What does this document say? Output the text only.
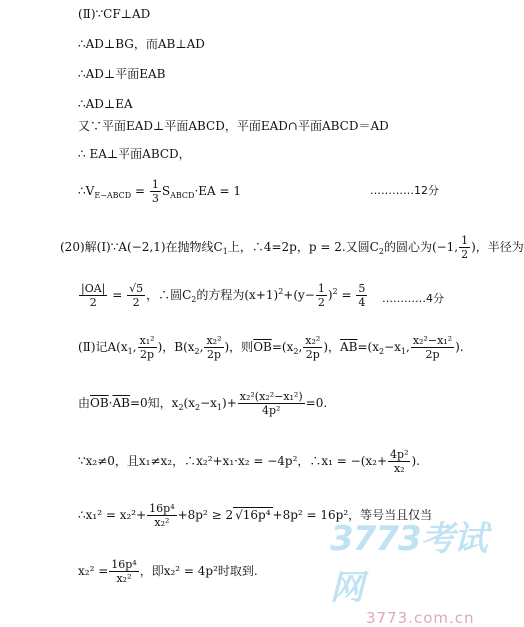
(Ⅱ)∵CF⊥AD
∴AD⊥BG，而AB⊥AD
∴AD⊥平面EAB
∴AD⊥EA
又∵平面EAD⊥平面ABCD，平面EAD∩平面ABCD＝AD
∴ EA⊥平面ABCD，
$\therefore V_{E-ABCD} = \frac{1}{3} S_{ABCD}\cdot EA = 1$	…………12分
(20)解(Ⅰ)∵A(−2,1)在抛物线$C_1$上，∴4=2p，p = 2.又圆$C_2$的圆心为(−1, $\frac{1}{2}$ )，半径为
$\frac{|OA|}{2} = \frac{√5}{2}$ ，∴圆$C_2$的方程为$(x+1)^2+(y- \frac{1}{2} )^2 = \frac{5}{4}$ …………4分
(Ⅱ)记$A(x_1$, $\frac{\text{x₁²}}{2p}$ )，$B(x_2$, $\frac{\text{x₂²}}{2p}$ )，则$\overline{OB}=(x_2$, $\frac{\text{x₂²}}{2p}$ )，$\overline{AB}=(x_2-x_1$, $\frac{\text{x₂²−x₁²}}{2p}$ ).
由$\overline{OB}\cdot\overline{AB}=0$知，$x_2(x_2-x_1)+ \frac{\text{x₂²(x₂²−x₁²)}}{\text{4p²}} =0$.
∵x₂≠0，且x₁≠x₂，∴x₂²+x₁·x₂ = −4p²，∴x₁ = $-(x_2+ \frac{\text{4p²}}{\text{x₂}}$ ).
∴x₁² = $x_2^2+ \frac{\text{16p⁴}}{\text{x₂²}} +8p^2 \ge 2$ √16p⁴ +8p² = 16p²，等号当且仅当
$x_2^2 = \frac{\text{16p⁴}}{\text{x₂²}}$ ，即x₂² = 4p²时取到.
3773考试网
3773.com.cn
